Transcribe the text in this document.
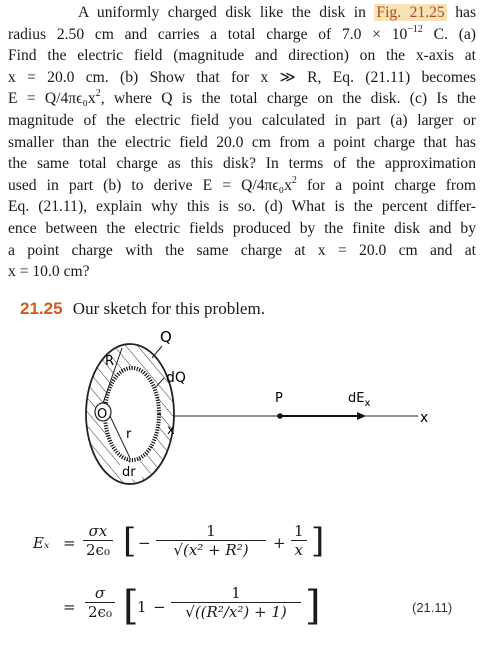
A uniformly charged disk like the disk in Fig. 21.25 has
radius 2.50 cm and carries a total charge of $7.0 \times 10^{-12}$ C. (a)
Find the electric field (magnitude and direction) on the x-axis at
x = 20.0 cm. (b) Show that for x ≫ R, Eq. (21.11) becomes
$E = Q/4\pi\epsilon_0x^2$, where Q is the total charge on the disk. (c) Is the
magnitude of the electric field you calculated in part (a) larger or
smaller than the electric field 20.0 cm from a point charge that has
the same total charge as this disk? In terms of the approximation
used in part (b) to derive $E = Q/4\pi\epsilon_0x^2$ for a point charge from
Eq. (21.11), explain why this is so. (d) What is the percent differ-
ence between the electric fields produced by the finite disk and by
a point charge with the same charge at x = 20.0 cm and at
x = 10.0 cm?
21.25 Our sketch for this problem.
O
R
r
dr
Q
dQ
P	$dE_x$
x
x
$E_x = \frac{\sigma x}{\text{2ϵ₀}}$ [ − $\frac{1}{\text{√(x² + R²)}} + \frac{1}{x}$ ]
= $\frac{\sigma}{\text{2ϵ₀}}$ [
$1 - \frac{1}{\text{√((R²/x²) + 1)}}$ ]	(21.11)
